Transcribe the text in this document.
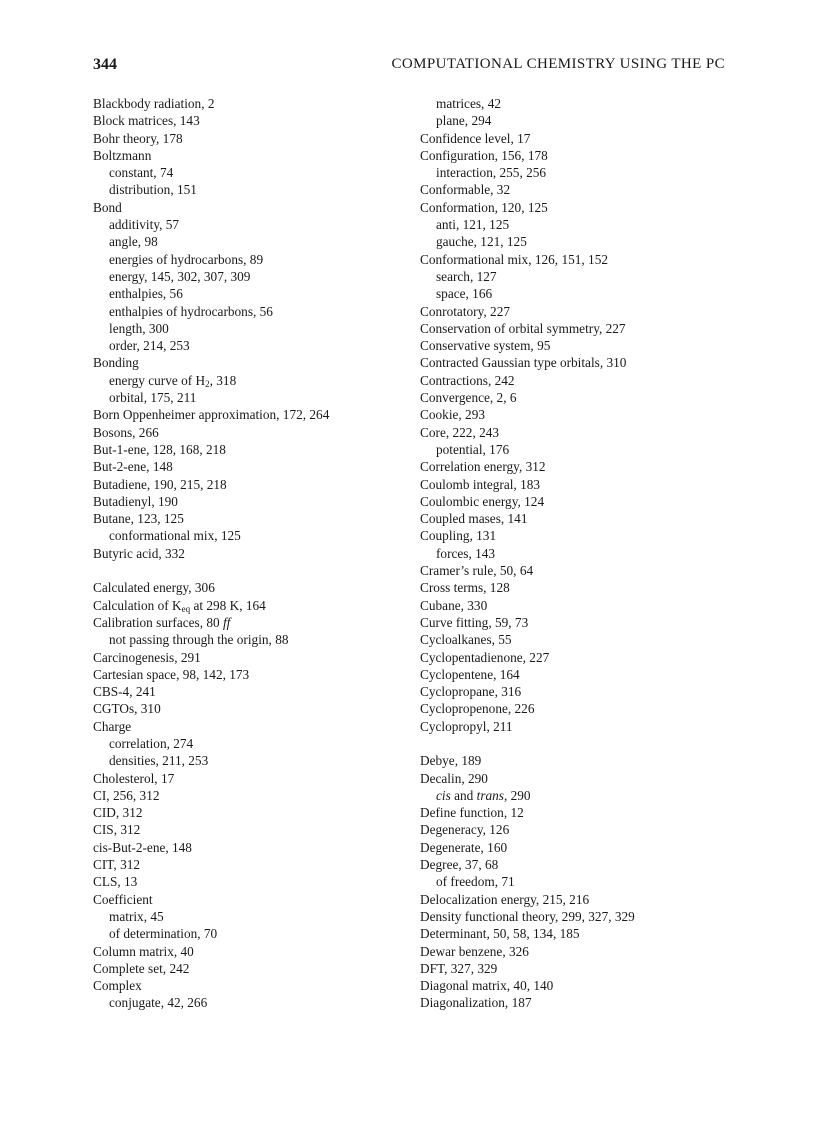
344	COMPUTATIONAL CHEMISTRY USING THE PC
Blackbody radiation, 2
Block matrices, 143
Bohr theory, 178
Boltzmann
constant, 74
distribution, 151
Bond
additivity, 57
angle, 98
energies of hydrocarbons, 89
energy, 145, 302, 307, 309
enthalpies, 56
enthalpies of hydrocarbons, 56
length, 300
order, 214, 253
Bonding
energy curve of $H_2$, 318
orbital, 175, 211
Born Oppenheimer approximation, 172, 264
Bosons, 266
But-1-ene, 128, 168, 218
But-2-ene, 148
Butadiene, 190, 215, 218
Butadienyl, 190
Butane, 123, 125
conformational mix, 125
Butyric acid, 332
Calculated energy, 306
Calculation of $K_{eq}$ at 298 K, 164
Calibration surfaces, 80 ff
not passing through the origin, 88
Carcinogenesis, 291
Cartesian space, 98, 142, 173
CBS-4, 241
CGTOs, 310
Charge
correlation, 274
densities, 211, 253
Cholesterol, 17
CI, 256, 312
CID, 312
CIS, 312
cis-But-2-ene, 148
CIT, 312
CLS, 13
Coefficient
matrix, 45
of determination, 70
Column matrix, 40
Complete set, 242
Complex
conjugate, 42, 266
matrices, 42
plane, 294
Confidence level, 17
Configuration, 156, 178
interaction, 255, 256
Conformable, 32
Conformation, 120, 125
anti, 121, 125
gauche, 121, 125
Conformational mix, 126, 151, 152
search, 127
space, 166
Conrotatory, 227
Conservation of orbital symmetry, 227
Conservative system, 95
Contracted Gaussian type orbitals, 310
Contractions, 242
Convergence, 2, 6
Cookie, 293
Core, 222, 243
potential, 176
Correlation energy, 312
Coulomb integral, 183
Coulombic energy, 124
Coupled mases, 141
Coupling, 131
forces, 143
Cramer’s rule, 50, 64
Cross terms, 128
Cubane, 330
Curve fitting, 59, 73
Cycloalkanes, 55
Cyclopentadienone, 227
Cyclopentene, 164
Cyclopropane, 316
Cyclopropenone, 226
Cyclopropyl, 211
Debye, 189
Decalin, 290
cis and trans, 290
Define function, 12
Degeneracy, 126
Degenerate, 160
Degree, 37, 68
of freedom, 71
Delocalization energy, 215, 216
Density functional theory, 299, 327, 329
Determinant, 50, 58, 134, 185
Dewar benzene, 326
DFT, 327, 329
Diagonal matrix, 40, 140
Diagonalization, 187
